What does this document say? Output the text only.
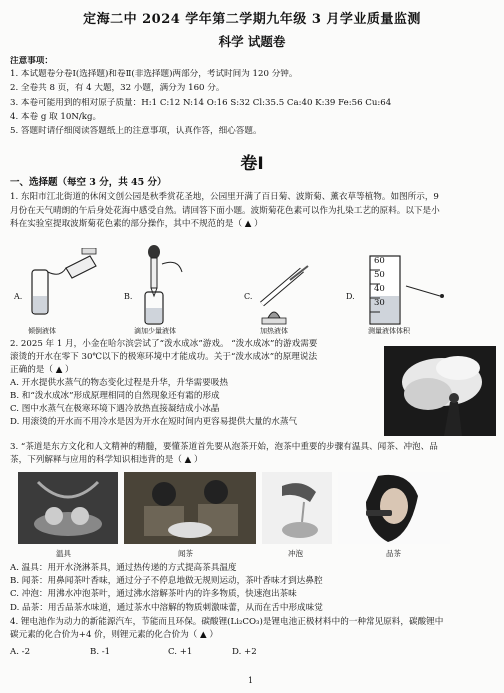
定海二中 2024 学年第二学期九年级 3 月学业质量监测
科学 试题卷
注意事项：
1. 本试题卷分卷Ⅰ(选择题)和卷Ⅱ(非选择题)两部分，考试时间为 120 分钟。
2. 全卷共 8 页，有 4 大题，32 小题，满分为 160 分。
3. 本卷可能用到的相对原子质量：H:1 C:12 N:14 O:16 S:32 Cl:35.5 Ca:40 K:39 Fe:56 Cu:64
4. 本卷 g 取 10N/kg。
5. 答题时请仔细阅读答题纸上的注意事项，认真作答，细心答题。
卷Ⅰ
一、选择题（每空 3 分，共 45 分）
1. 东阳市江北街道的休闲文创公园是秋季赏花圣地，公园里开满了百日菊、波斯菊、薰衣草等植物。如图所示，9
月份在天气晴朗的午后身处花海中感受自然。请回答下面小题。波斯菊花色素可以作为扎染工艺的原料。以下是小
科在实验室提取波斯菊花色素的部分操作，其中不规范的是（ ▲ ）
A.
倾倒液体
B.
滴加少量液体
C.
加热液体
D.
60
50
40
30
测量液体体积
2. 2025 年 1 月，小金在哈尔滨尝试了“泼水成冰”游戏。 “泼水成冰”的游戏需要
滚烫的开水在零下 30℃以下的极寒环境中才能成功。关于“泼水成冰”的原理说法
正确的是（ ▲ ）
A. 开水提供水蒸气的物态变化过程是升华，升华需要吸热
B. 和“泼水成冰”形成原理相同的自然现象还有霜的形成
C. 图中水蒸气在极寒环境下遇冷放热直接凝结成小冰晶
D. 用滚烫的开水而不用冷水是因为开水在短时间内更容易提供大量的水蒸气
3. “茶道是东方文化和人文精神的精髓，要懂茶道首先要从泡茶开始，泡茶中重要的步骤有温具、闻茶、冲泡、品
茶，下列解释与应用的科学知识相违背的是（ ▲ ）
温具	闻茶	冲泡	品茶
A. 温具：用开水浇淋茶具，通过热传递的方式提高茶具温度
B. 闻茶：用鼻闻茶叶香味，通过分子不停息地做无规则运动，茶叶香味才到达鼻腔
C. 冲泡：用沸水冲泡茶叶，通过沸水溶解茶叶内的许多物质，快速泡出茶味
D. 品茶：用舌品茶水味道，通过茶水中溶解的物质刺激味蕾，从而在舌中形成味觉
4. 锂电池作为动力的新能源汽车，节能而且环保。碳酸锂(Li₂CO₃)是锂电池正极材料中的一种常见原料，碳酸锂中
碳元素的化合价为+4 价，则锂元素的化合价为（ ▲ ）
A. -2	B. -1	C. +1	D. +2
1
